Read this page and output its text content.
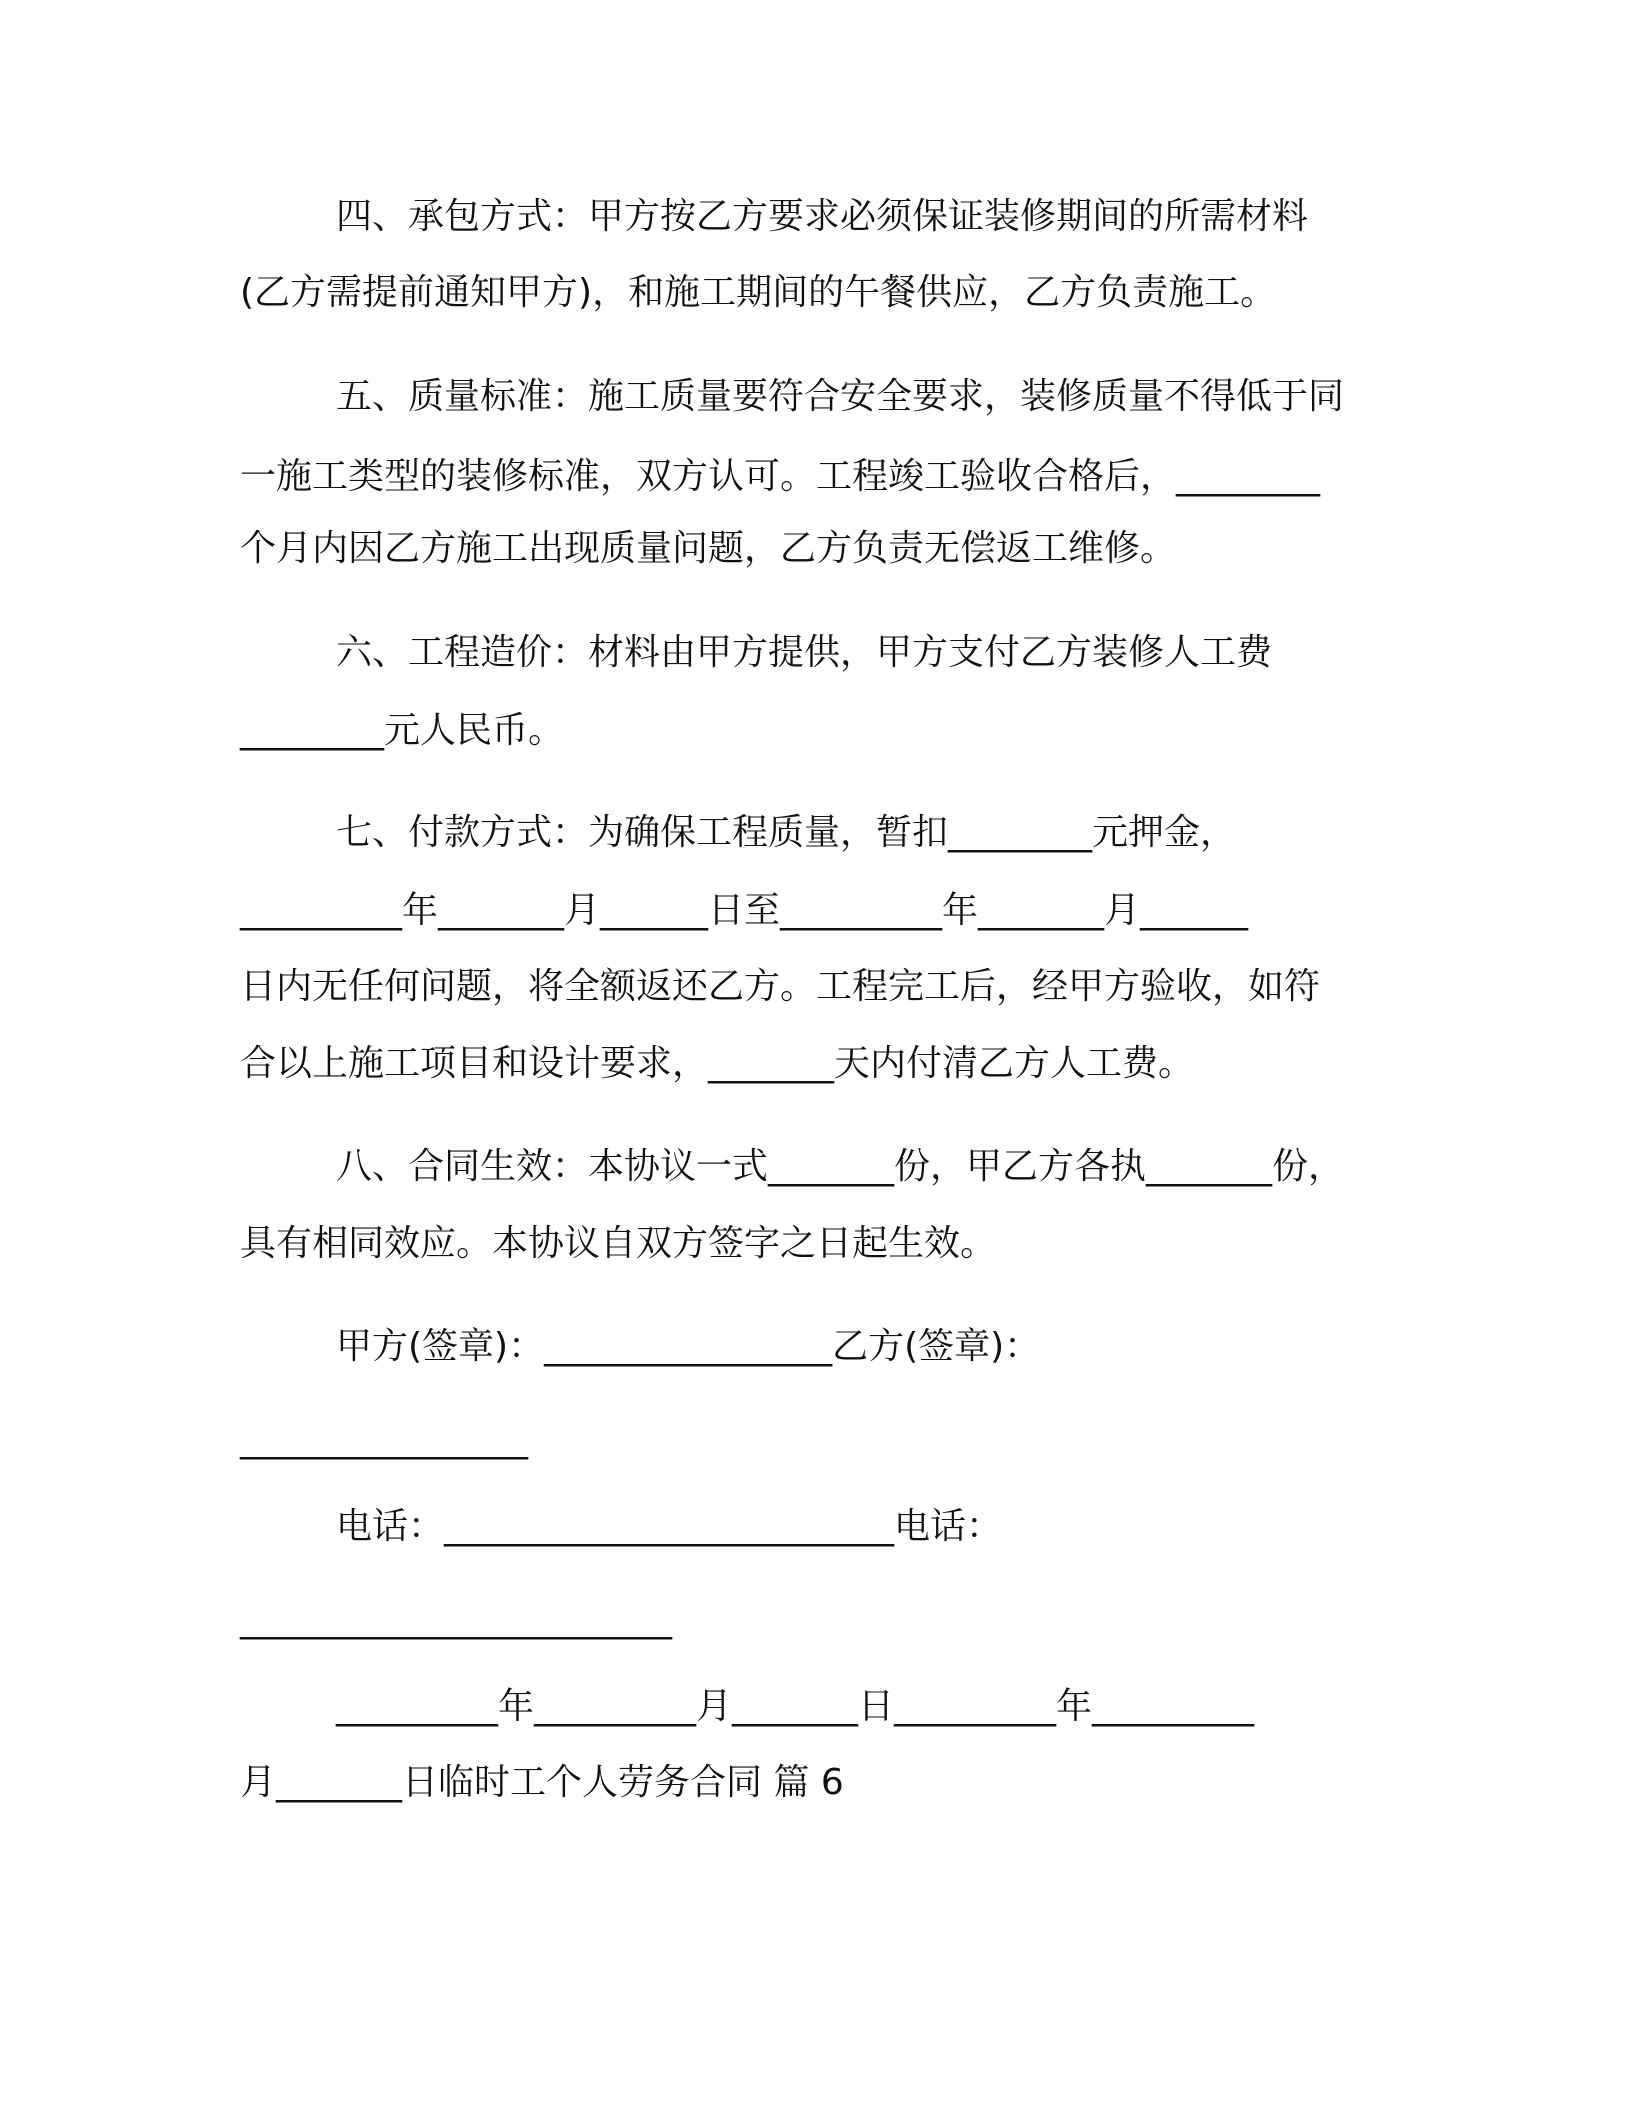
四、承包方式：甲方按乙方要求必须保证装修期间的所需材料
(乙方需提前通知甲方)，和施工期间的午餐供应，乙方负责施工。
五、质量标准：施工质量要符合安全要求，装修质量不得低于同
一施工类型的装修标准，双方认可。工程竣工验收合格后，________
个月内因乙方施工出现质量问题，乙方负责无偿返工维修。
六、工程造价：材料由甲方提供，甲方支付乙方装修人工费
________元人民币。
七、付款方式：为确保工程质量，暂扣________元押金，
_________年_______月______日至_________年_______月______
日内无任何问题，将全额返还乙方。工程完工后，经甲方验收，如符
合以上施工项目和设计要求，_______天内付清乙方人工费。
八、合同生效：本协议一式_______份，甲乙方各执_______份，
具有相同效应。本协议自双方签字之日起生效。
甲方(签章)：________________乙方(签章)：
________________
电话：_________________________电话：
________________________
_________年_________月_______日_________年_________
月_______日临时工个人劳务合同 篇 6
